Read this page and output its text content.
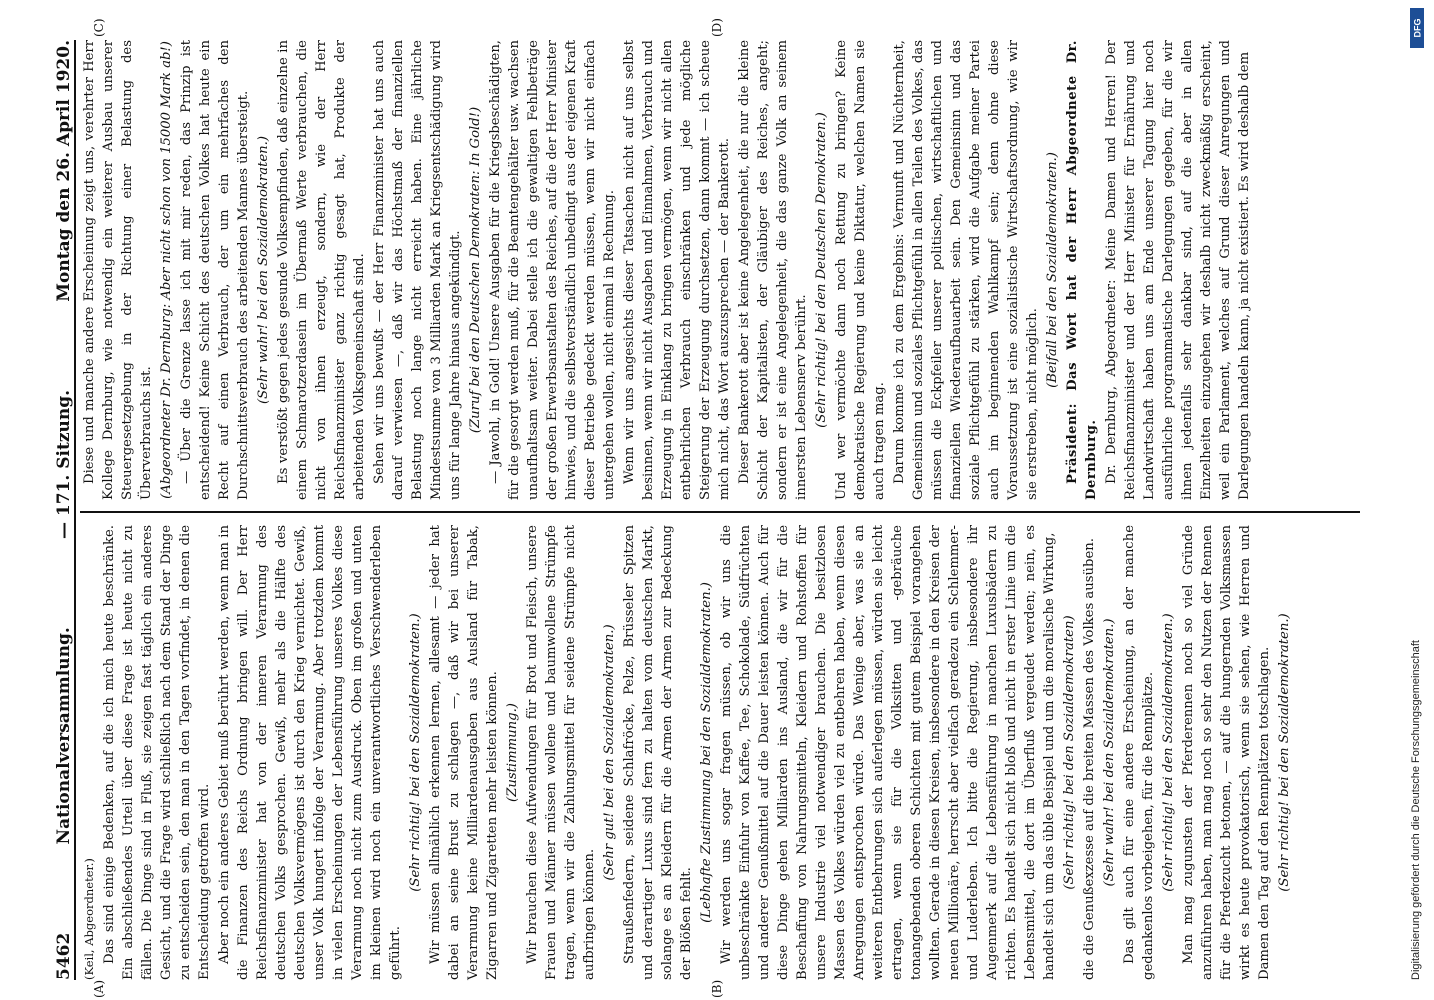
5462
Nationalversammlung.
— 171. Sitzung.
Montag den 26. April 1920.
(A)	(B)
(C)	(D)

(Keil, Abgeordneter.) Das sind einige Bedenken, auf die ich mich heute beschränke. Ein abschließendes Urteil über diese Frage ist heute nicht zu fällen. Die Dinge sind in Fluß, sie zeigen fast täglich ein anderes Gesicht, und die Frage wird schließlich nach dem Stand der Dinge zu entscheiden sein, den man in den Tagen vorfindet, in denen die Entscheidung getroffen wird. Aber noch ein anderes Gebiet muß berührt werden, wenn man in die Finanzen des Reichs Ordnung bringen will. Der Herr Reichsfinanzminister hat von der inneren Verarmung des deutschen Volks gesprochen. Gewiß, mehr als die Hälfte des deutschen Volksvermögens ist durch den Krieg vernichtet. Gewiß, unser Volk hungert infolge der Verarmung. Aber trotzdem kommt in vielen Erscheinungen der Lebensführung unseres Volkes diese Verarmung noch nicht zum Ausdruck. Oben im großen und unten im kleinen wird noch ein unverantwortliches Verschwenderleben geführt.

(Sehr richtig! bei den Sozialdemokraten.) Wir müssen allmählich erkennen lernen, allesamt — jeder hat dabei an seine Brust zu schlagen —, daß wir bei unserer Verarmung keine Milliardenausgaben aus Ausland für Tabak, Zigarren und Zigaretten mehr leisten können. (Zustimmung.) Wir brauchen diese Aufwendungen für Brot und Fleisch, unsere Frauen und Männer müssen wollene und baumwollene Strümpfe tragen, wenn wir die Zahlungsmittel für seidene Strümpfe nicht aufbringen können.

(Sehr gut! bei den Sozialdemokraten.) Straußenfedern, seidene Schlafröcke, Pelze, Brüsseler Spitzen und derartiger Luxus sind fern zu halten vom deutschen Markt, solange es an Kleidern für die Armen der Armen zur Bedeckung der Blößen fehlt.

(Lebhafte Zustimmung bei den Sozialdemokraten.) Wir werden uns sogar fragen müssen, ob wir uns die unbeschränkte Einfuhr von Kaffee, Tee, Schokolade, Südfrüchten und anderer Genußmittel auf die Dauer leisten können. Auch für diese Dinge gehen Milliarden ins Ausland, die wir für die Beschaffung von Nahrungsmitteln, Kleidern und Rohstoffen für unsere Industrie viel notwendiger brauchen. Die besitzlosen Massen des Volkes würden viel zu entbehren haben, wenn diesen Anregungen entsprochen würde. Das Wenige aber, was sie an weiteren Entbehrungen sich auferlegen müssen, würden sie leicht ertragen, wenn sie für die Volksitten und -gebräuche tonangebenden oberen Schichten mit gutem Beispiel vorangehen wollten. Gerade in diesen Kreisen, insbesondere in den Kreisen der neuen Millionäre, herrscht aber vielfach geradezu ein Schlemmer- und Luderleben. Ich bitte die Regierung, insbesondere ihr Augenmerk auf die Lebensführung in manchen Luxusbädern zu richten. Es handelt sich nicht bloß und nicht in erster Linie um die Lebensmittel, die dort im Überfluß vergeudet werden; nein, es handelt sich um das üble Beispiel und um die moralische Wirkung, (Sehr richtig! bei den Sozialdemokraten) die die Genußexzesse auf die breiten Massen des Volkes ausüben. (Sehr wahr! bei den Sozialdemokraten.) Das gilt auch für eine andere Erscheinung, an der manche gedankenlos vorbeigehen, für die Rennplätze. (Sehr richtig! bei den Sozialdemokraten.) Man mag zugunsten der Pferderennen noch so viel Gründe anzuführen haben, man mag noch so sehr den Nutzen der Rennen für die Pferdezucht betonen, — auf die hungernden Volksmassen wirkt es heute provokatorisch, wenn sie sehen, wie Herren und Damen den Tag auf den Rennplätzen totschlagen. (Sehr richtig! bei den Sozialdemokraten.)

Diese und manche andere Erscheinung zeigt uns, verehrter Herr Kollege Dernburg, wie notwendig ein weiterer Ausbau unserer Steuergesetzgebung in der Richtung einer Belastung des Überverbrauchs ist. (Abgeordneter Dr. Dernburg: Aber nicht schon von 15000 Mark ab!) — Über die Grenze lasse ich mit mir reden, das Prinzip ist entscheidend! Keine Schicht des deutschen Volkes hat heute ein Recht auf einen Verbrauch, der um ein mehrfaches den Durchschnittsverbrauch des arbeitenden Mannes übersteigt. (Sehr wahr! bei den Sozialdemokraten.) Es verstößt gegen jedes gesunde Volksempfinden, daß einzelne in einem Schmarotzerdasein im Übermaß Werte verbrauchen, die nicht von ihnen erzeugt, sondern, wie der Herr Reichsfinanzminister ganz richtig gesagt hat, Produkte der arbeitenden Volksgemeinschaft sind. Sehen wir uns bewußt — der Herr Finanzminister hat uns auch darauf verwiesen —, daß wir das Höchstmaß der finanziellen Belastung noch lange nicht erreicht haben. Eine jährliche Mindestsumme von 3 Milliarden Mark an Kriegsentschädigung wird uns für lange Jahre hinaus angekündigt. (Zuruf bei den Deutschen Demokraten: In Gold!) — Jawohl, in Gold! Unsere Ausgaben für die Kriegsbeschädigten, für die gesorgt werden muß, für die Beamtengehälter usw. wachsen unaufhaltsam weiter. Dabei stelle ich die gewaltigen Fehlbeträge der großen Erwerbsanstalten des Reiches, auf die der Herr Minister hinwies, und die selbstverständlich unbedingt aus der eigenen Kraft dieser Betriebe gedeckt werden müssen, wenn wir nicht einfach untergehen wollen, nicht einmal in Rechnung. Wenn wir uns angesichts dieser Tatsachen nicht auf uns selbst besinnen, wenn wir nicht Ausgaben und Einnahmen, Verbrauch und Erzeugung in Einklang zu bringen vermögen, wenn wir nicht allen entbehrlichen Verbrauch einschränken und jede mögliche Steigerung der Erzeugung durchsetzen, dann kommt — ich scheue mich nicht, das Wort auszusprechen — der Bankerott. Dieser Bankerott aber ist keine Angelegenheit, die nur die kleine Schicht der Kapitalisten, der Gläubiger des Reiches, angeht; sondern er ist eine Angelegenheit, die das ganze Volk an seinem innersten Lebensnerv berührt. (Sehr richtig! bei den Deutschen Demokraten.) Und wer vermöchte dann noch Rettung zu bringen? Keine demokratische Regierung und keine Diktatur, welchen Namen sie auch tragen mag. Darum komme ich zu dem Ergebnis: Vernunft und Nüchternheit, Gemeinsinn und soziales Pflichtgefühl in allen Teilen des Volkes, das müssen die Eckpfeiler unserer politischen, wirtschaftlichen und finanziellen Wiederaufbauarbeit sein. Den Gemeinsinn und das soziale Pflichtgefühl zu stärken, wird die Aufgabe meiner Partei auch im beginnenden Wahlkampf sein; denn ohne diese Voraussetzung ist eine sozialistische Wirtschaftsordnung, wie wir sie erstreben, nicht möglich.

(Beifall bei den Sozialdemokraten.) Präsident: Das Wort hat der Herr Abgeordnete Dr. Dernburg. Dr. Dernburg, Abgeordneter: Meine Damen und Herren! Der Reichsfinanzminister und der Herr Minister für Ernährung und Landwirtschaft haben uns am Ende unserer Tagung hier noch ausführliche programmatische Darlegungen gegeben, für die wir ihnen jedenfalls sehr dankbar sind, auf die aber in allen Einzelheiten einzugehen wir deshalb nicht zweckmäßig erscheint, weil ein Parlament, welches auf Grund dieser Anregungen und Darlegungen handeln kann, ja nicht existiert. Es wird deshalb dem

DFG
Digitalisierung gefördert durch die Deutsche Forschungsgemeinschaft
